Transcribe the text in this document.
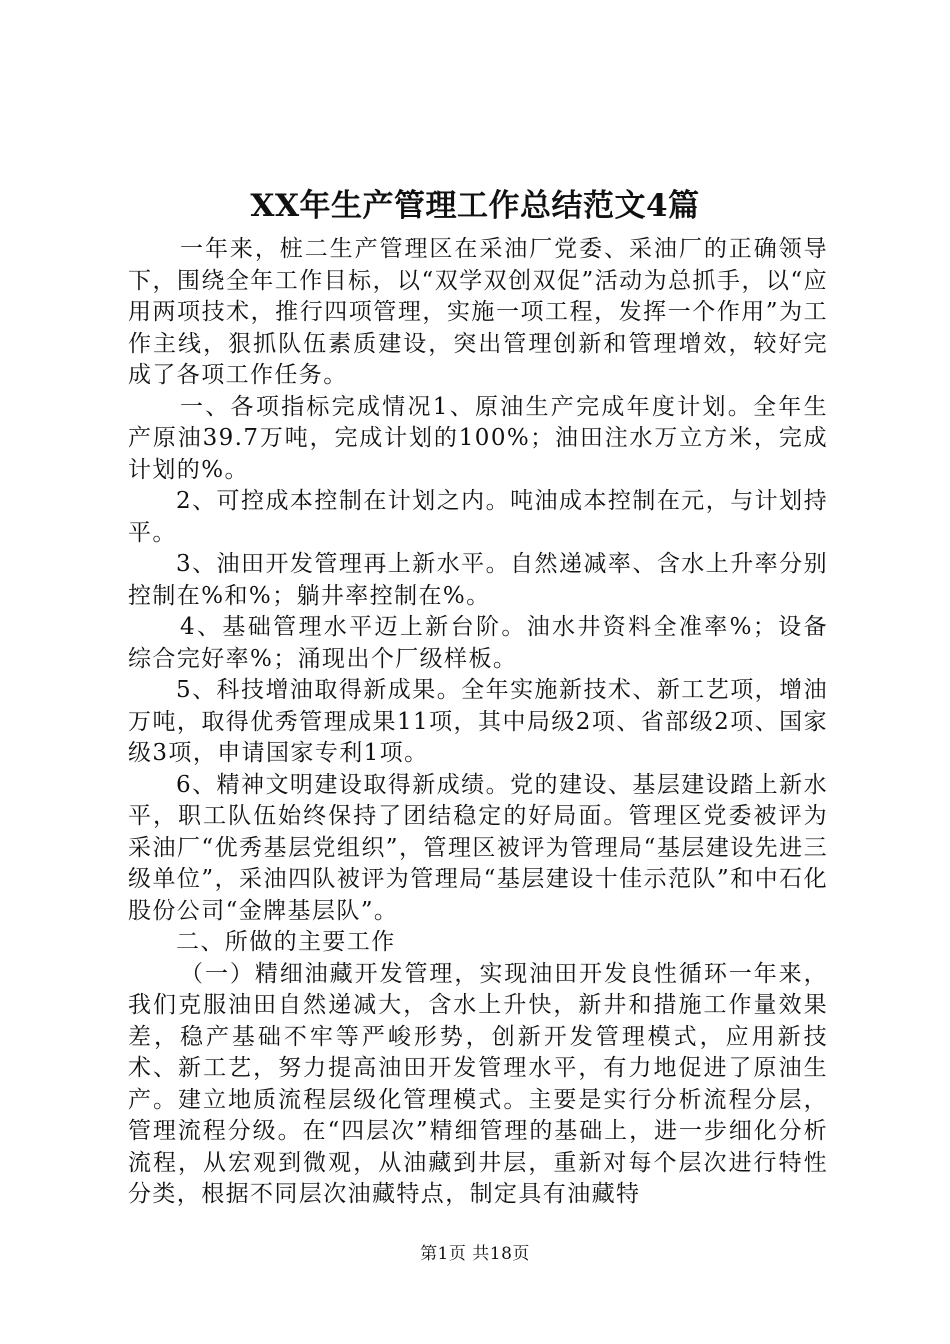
XX年生产管理工作总结范文4篇

一年来，桩二生产管理区在采油厂党委、采油厂的正确领导下，围绕全年工作目标，以“双学双创双促”活动为总抓手，以“应用两项技术，推行四项管理，实施一项工程，发挥一个作用”为工作主线，狠抓队伍素质建设，突出管理创新和管理增效，较好完成了各项工作任务。

一、各项指标完成情况1、原油生产完成年度计划。全年生产原油39.7万吨，完成计划的100%；油田注水万立方米，完成计划的%。

2、可控成本控制在计划之内。吨油成本控制在元，与计划持平。

3、油田开发管理再上新水平。自然递减率、含水上升率分别控制在%和%；躺井率控制在%。

4、基础管理水平迈上新台阶。油水井资料全准率%；设备综合完好率%；涌现出个厂级样板。

5、科技增油取得新成果。全年实施新技术、新工艺项，增油万吨，取得优秀管理成果11项，其中局级2项、省部级2项、国家级3项，申请国家专利1项。

6、精神文明建设取得新成绩。党的建设、基层建设踏上新水平，职工队伍始终保持了团结稳定的好局面。管理区党委被评为采油厂“优秀基层党组织”，管理区被评为管理局“基层建设先进三级单位”，采油四队被评为管理局“基层建设十佳示范队”和中石化股份公司“金牌基层队”。

二、所做的主要工作

（一）精细油藏开发管理，实现油田开发良性循环一年来，我们克服油田自然递减大，含水上升快，新井和措施工作量效果差，稳产基础不牢等严峻形势，创新开发管理模式，应用新技术、新工艺，努力提高油田开发管理水平，有力地促进了原油生产。建立地质流程层级化管理模式。主要是实行分析流程分层，管理流程分级。在“四层次”精细管理的基础上，进一步细化分析流程，从宏观到微观，从油藏到井层，重新对每个层次进行特性分类，根据不同层次油藏特点，制定具有油藏特

第1页 共18页
